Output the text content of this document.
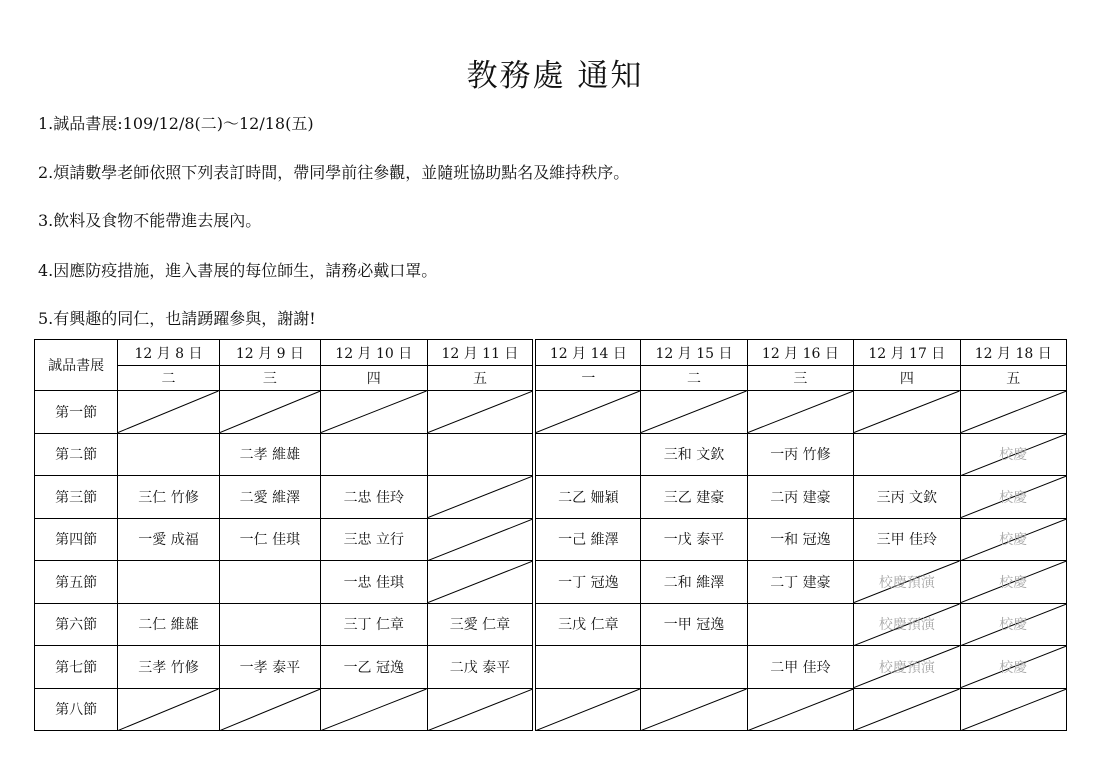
教務處 通知
1.誠品書展:109/12/8(二)～12/18(五)
2.煩請數學老師依照下列表訂時間，帶同學前往參觀，並隨班協助點名及維持秩序。
3.飲料及食物不能帶進去展內。
4.因應防疫措施，進入書展的每位師生，請務必戴口罩。
5.有興趣的同仁，也請踴躍參與，謝謝!
誠品書展	12 月 8 日	12 月 9 日	12 月 10 日	12 月 11 日	12 月 14 日	12 月 15 日	12 月 16 日	12 月 17 日	12 月 18 日
	二	三	四	五	一	二	三	四	五
第一節	

第二節		二孝 維雄				三和 文欽	一丙 竹修		校慶
第三節	三仁 竹修	二愛 維澤	二忠 佳玲		二乙 姍穎	三乙 建豪	二丙 建豪	三丙 文欽	校慶
第四節	一愛 成福	一仁 佳琪	三忠 立行		一己 維澤	一戊 泰平	一和 冠逸	三甲 佳玲	校慶
第五節			一忠 佳琪		一丁 冠逸	二和 維澤	二丁 建豪	校慶預演	校慶
第六節	二仁 維雄		三丁 仁章	三愛 仁章	三戊 仁章	一甲 冠逸		校慶預演	校慶
第七節	三孝 竹修	一孝 泰平	一乙 冠逸	二戊 泰平			二甲 佳玲	校慶預演	校慶
第八節	
